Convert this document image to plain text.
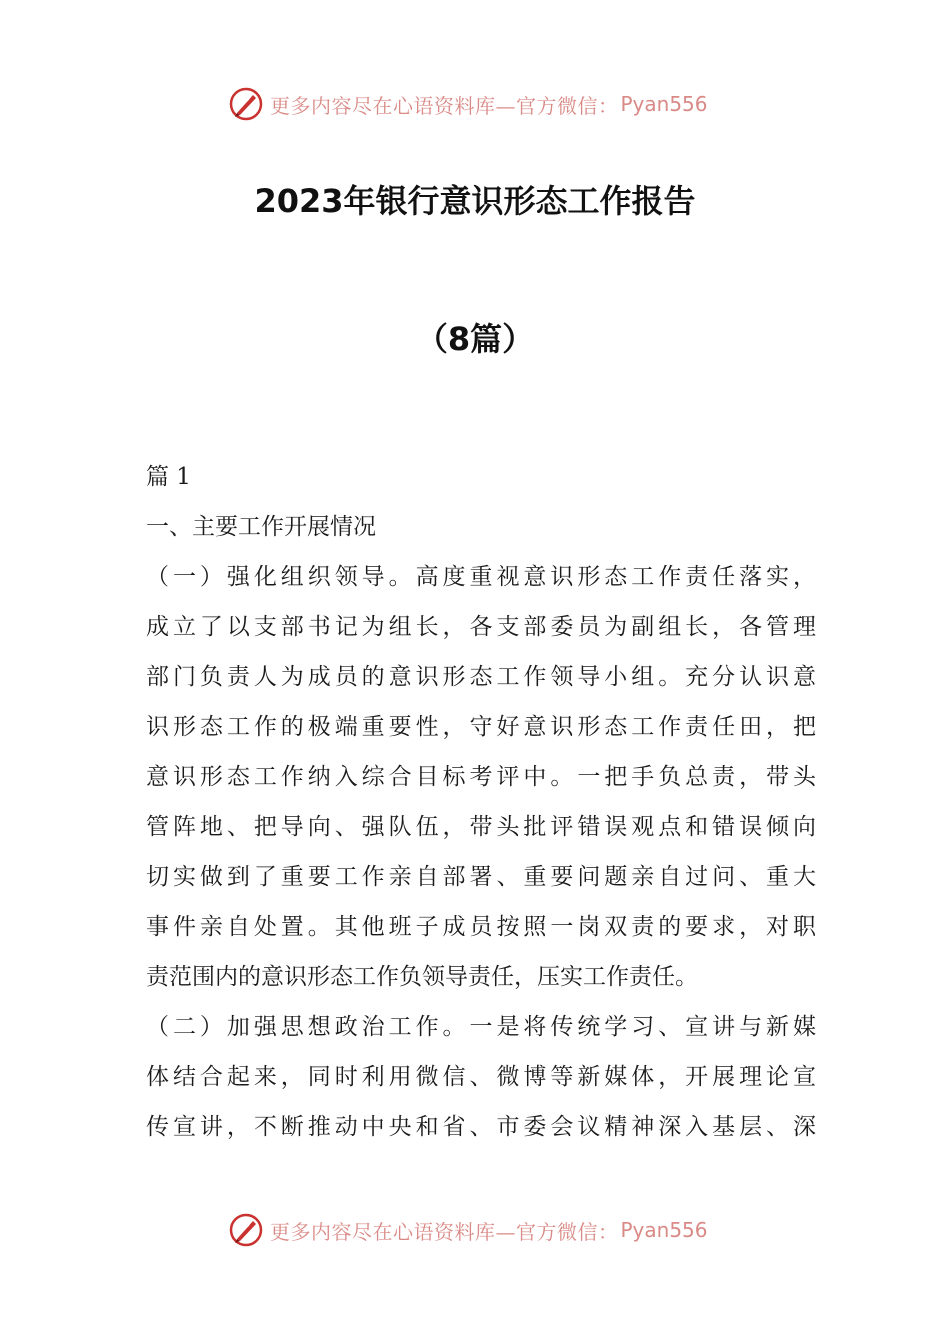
更多内容尽在心语资料库—官方微信： Pyan556
2023年银行意识形态工作报告
（8篇）

篇 1

一、主要工作开展情况

（一）强化组织领导。高度重视意识形态工作责任落实，

成立了以支部书记为组长，各支部委员为副组长，各管理

部门负责人为成员的意识形态工作领导小组。充分认识意

识形态工作的极端重要性，守好意识形态工作责任田，把

意识形态工作纳入综合目标考评中。一把手负总责，带头

管阵地、把导向、强队伍，带头批评错误观点和错误倾向

切实做到了重要工作亲自部署、重要问题亲自过问、重大

事件亲自处置。其他班子成员按照一岗双责的要求，对职

责范围内的意识形态工作负领导责任，压实工作责任。

（二）加强思想政治工作。一是将传统学习、宣讲与新媒

体结合起来，同时利用微信、微博等新媒体，开展理论宣

传宣讲，不断推动中央和省、市委会议精神深入基层、深

更多内容尽在心语资料库—官方微信： Pyan556
